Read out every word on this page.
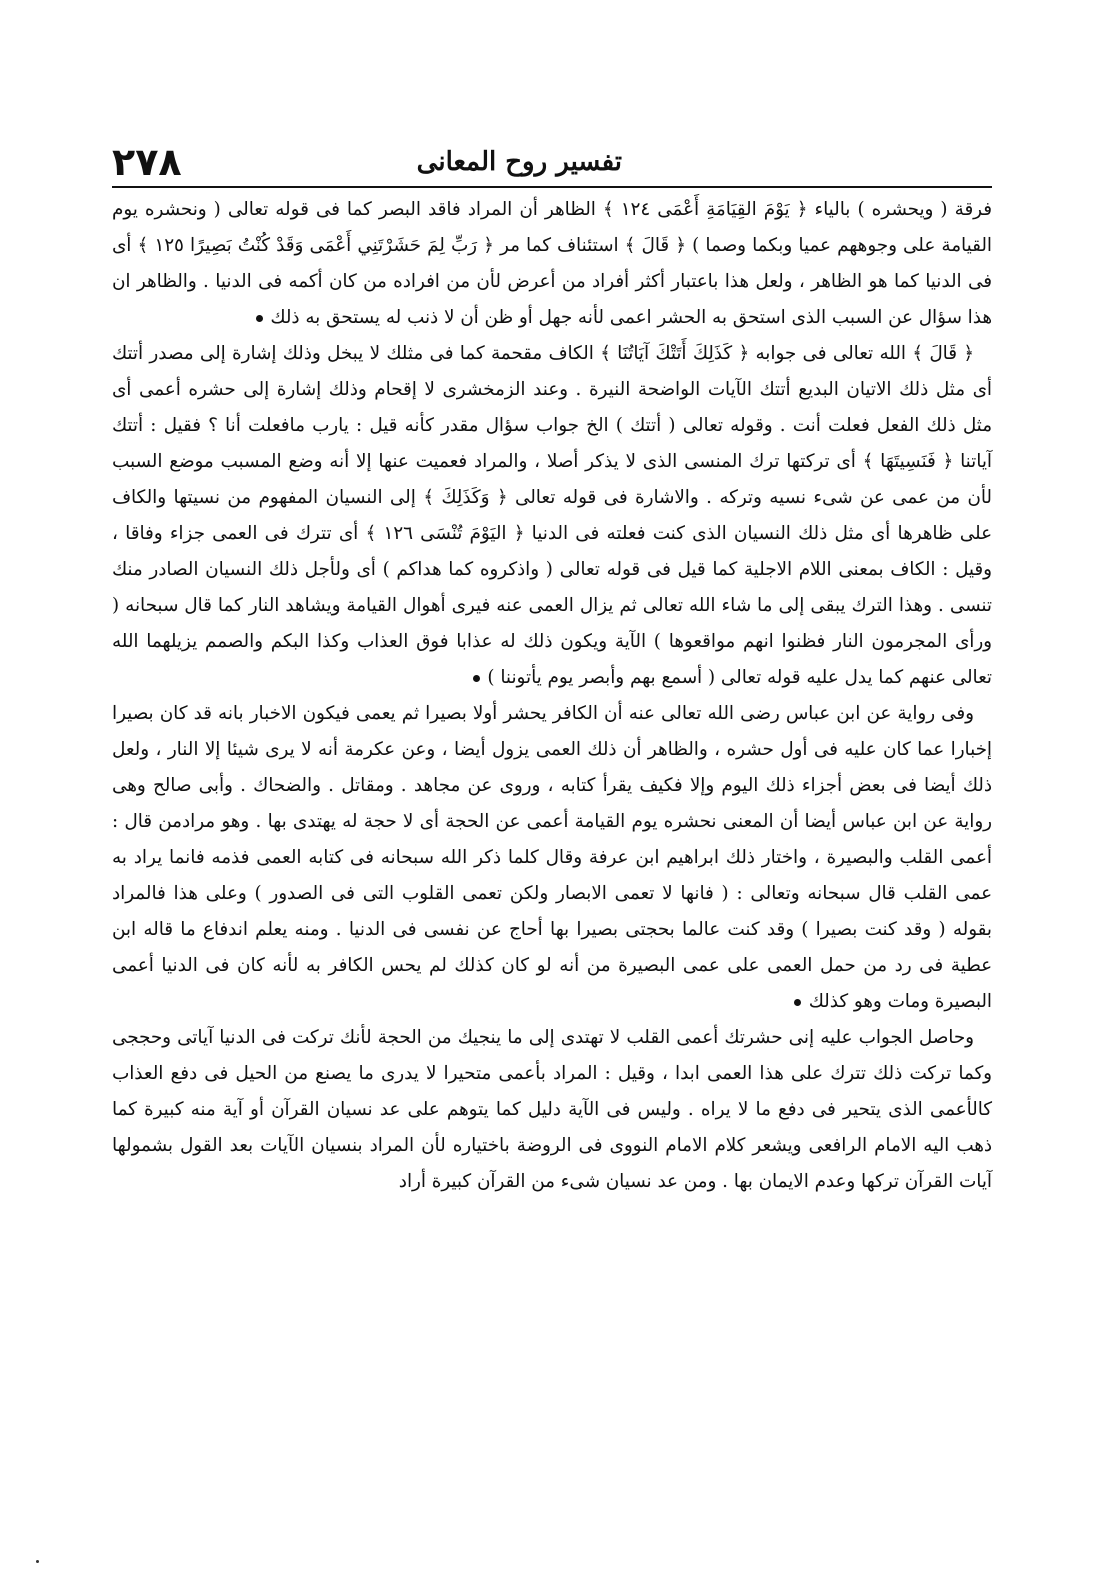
٢٧٨	تفسير روح المعانى

فرقة ( ويحشره ) بالياء ﴿ يَوْمَ القِيَامَةِ أَعْمَى ١٢٤ ﴾ الظاهر أن المراد فاقد البصر كما فى قوله تعالى ( ونحشره يوم القيامة على وجوههم عميا وبكما وصما ) ﴿ قَالَ ﴾ استئناف كما مر ﴿ رَبِّ لِمَ حَشَرْتَنِي أَعْمَى وَقَدْ كُنْتُ بَصِيرًا ١٢٥ ﴾ أى فى الدنيا كما هو الظاهر ، ولعل هذا باعتبار أكثر أفراد من أعرض لأن من افراده من كان أكمه فى الدنيا . والظاهر ان هذا سؤال عن السبب الذى استحق به الحشر اعمى لأنه جهل أو ظن أن لا ذنب له يستحق به ذلك

﴿ قَالَ ﴾ الله تعالى فى جوابه ﴿ كَذَلِكَ أَتَتْكَ آيَاتُنَا ﴾ الكاف مقحمة كما فى مثلك لا يبخل وذلك إشارة إلى مصدر أتتك أى مثل ذلك الاتيان البديع أتتك الآيات الواضحة النيرة . وعند الزمخشرى لا إقحام وذلك إشارة إلى حشره أعمى أى مثل ذلك الفعل فعلت أنت . وقوله تعالى ( أتتك ) الخ جواب سؤال مقدر كأنه قيل : يارب مافعلت أنا ؟ فقيل : أتتك آياتنا ﴿ فَنَسِيتَهَا ﴾ أى تركتها ترك المنسى الذى لا يذكر أصلا ، والمراد فعميت عنها إلا أنه وضع المسبب موضع السبب لأن من عمى عن شىء نسيه وتركه . والاشارة فى قوله تعالى ﴿ وَكَذَلِكَ ﴾ إلى النسيان المفهوم من نسيتها والكاف على ظاهرها أى مثل ذلك النسيان الذى كنت فعلته فى الدنيا ﴿ اليَوْمَ تُنْسَى ١٢٦ ﴾ أى تترك فى العمى جزاء وفاقا ، وقيل : الكاف بمعنى اللام الاجلية كما قيل فى قوله تعالى ( واذكروه كما هداكم ) أى ولأجل ذلك النسيان الصادر منك تنسى . وهذا الترك يبقى إلى ما شاء الله تعالى ثم يزال العمى عنه فيرى أهوال القيامة ويشاهد النار كما قال سبحانه ( ورأى المجرمون النار فظنوا انهم مواقعوها ) الآية ويكون ذلك له عذابا فوق العذاب وكذا البكم والصمم يزيلهما الله تعالى عنهم كما يدل عليه قوله تعالى ( أسمع بهم وأبصر يوم يأتوننا )

وفى رواية عن ابن عباس رضى الله تعالى عنه أن الكافر يحشر أولا بصيرا ثم يعمى فيكون الاخبار بانه قد كان بصيرا إخبارا عما كان عليه فى أول حشره ، والظاهر أن ذلك العمى يزول أيضا ، وعن عكرمة أنه لا يرى شيئا إلا النار ، ولعل ذلك أيضا فى بعض أجزاء ذلك اليوم وإلا فكيف يقرأ كتابه ، وروى عن مجاهد . ومقاتل . والضحاك . وأبى صالح وهى رواية عن ابن عباس أيضا أن المعنى نحشره يوم القيامة أعمى عن الحجة أى لا حجة له يهتدى بها . وهو مرادمن قال : أعمى القلب والبصيرة ، واختار ذلك ابراهيم ابن عرفة وقال كلما ذكر الله سبحانه فى كتابه العمى فذمه فانما يراد به عمى القلب قال سبحانه وتعالى : ( فانها لا تعمى الابصار ولكن تعمى القلوب التى فى الصدور ) وعلى هذا فالمراد بقوله ( وقد كنت بصيرا ) وقد كنت عالما بحجتى بصيرا بها أحاج عن نفسى فى الدنيا . ومنه يعلم اندفاع ما قاله ابن عطية فى رد من حمل العمى على عمى البصيرة من أنه لو كان كذلك لم يحس الكافر به لأنه كان فى الدنيا أعمى البصيرة ومات وهو كذلك

وحاصل الجواب عليه إنى حشرتك أعمى القلب لا تهتدى إلى ما ينجيك من الحجة لأنك تركت فى الدنيا آياتى وحججى وكما تركت ذلك تترك على هذا العمى ابدا ، وقيل : المراد بأعمى متحيرا لا يدرى ما يصنع من الحيل فى دفع العذاب كالأعمى الذى يتحير فى دفع ما لا يراه . وليس فى الآية دليل كما يتوهم على عد نسيان القرآن أو آية منه كبيرة كما ذهب اليه الامام الرافعى ويشعر كلام الامام النووى فى الروضة باختياره لأن المراد بنسيان الآيات بعد القول بشمولها آيات القرآن تركها وعدم الايمان بها . ومن عد نسيان شىء من القرآن كبيرة أراد
